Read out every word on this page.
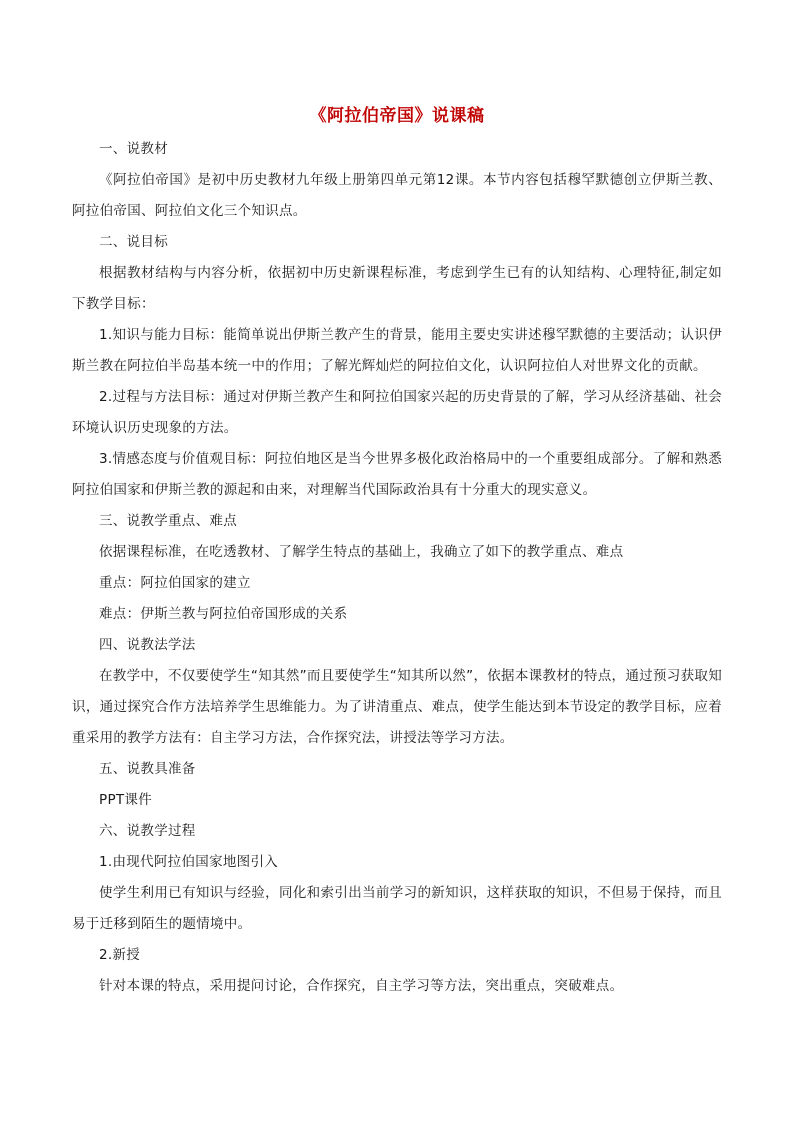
《阿拉伯帝国》说课稿

一、说教材

《阿拉伯帝国》是初中历史教材九年级上册第四单元第12课。本节内容包括穆罕默德创立伊斯兰教、阿拉伯帝国、阿拉伯文化三个知识点。

二、说目标

根据教材结构与内容分析，依据初中历史新课程标准，考虑到学生已有的认知结构、心理特征,制定如下教学目标：

1.知识与能力目标：能简单说出伊斯兰教产生的背景，能用主要史实讲述穆罕默德的主要活动；认识伊斯兰教在阿拉伯半岛基本统一中的作用；了解光辉灿烂的阿拉伯文化，认识阿拉伯人对世界文化的贡献。

2.过程与方法目标：通过对伊斯兰教产生和阿拉伯国家兴起的历史背景的了解，学习从经济基础、社会环境认识历史现象的方法。

3.情感态度与价值观目标：阿拉伯地区是当今世界多极化政治格局中的一个重要组成部分。了解和熟悉阿拉伯国家和伊斯兰教的源起和由来，对理解当代国际政治具有十分重大的现实意义。

三、说教学重点、难点

依据课程标准，在吃透教材、了解学生特点的基础上，我确立了如下的教学重点、难点

重点：阿拉伯国家的建立

难点：伊斯兰教与阿拉伯帝国形成的关系

四、说教法学法

在教学中，不仅要使学生“知其然”而且要使学生“知其所以然”，依据本课教材的特点，通过预习获取知识，通过探究合作方法培养学生思维能力。为了讲清重点、难点，使学生能达到本节设定的教学目标，应着重采用的教学方法有：自主学习方法，合作探究法，讲授法等学习方法。

五、说教具准备

PPT课件

六、说教学过程

1.由现代阿拉伯国家地图引入

使学生利用已有知识与经验，同化和索引出当前学习的新知识，这样获取的知识，不但易于保持，而且易于迁移到陌生的题情境中。

2.新授

针对本课的特点，采用提问讨论，合作探究，自主学习等方法，突出重点，突破难点。
